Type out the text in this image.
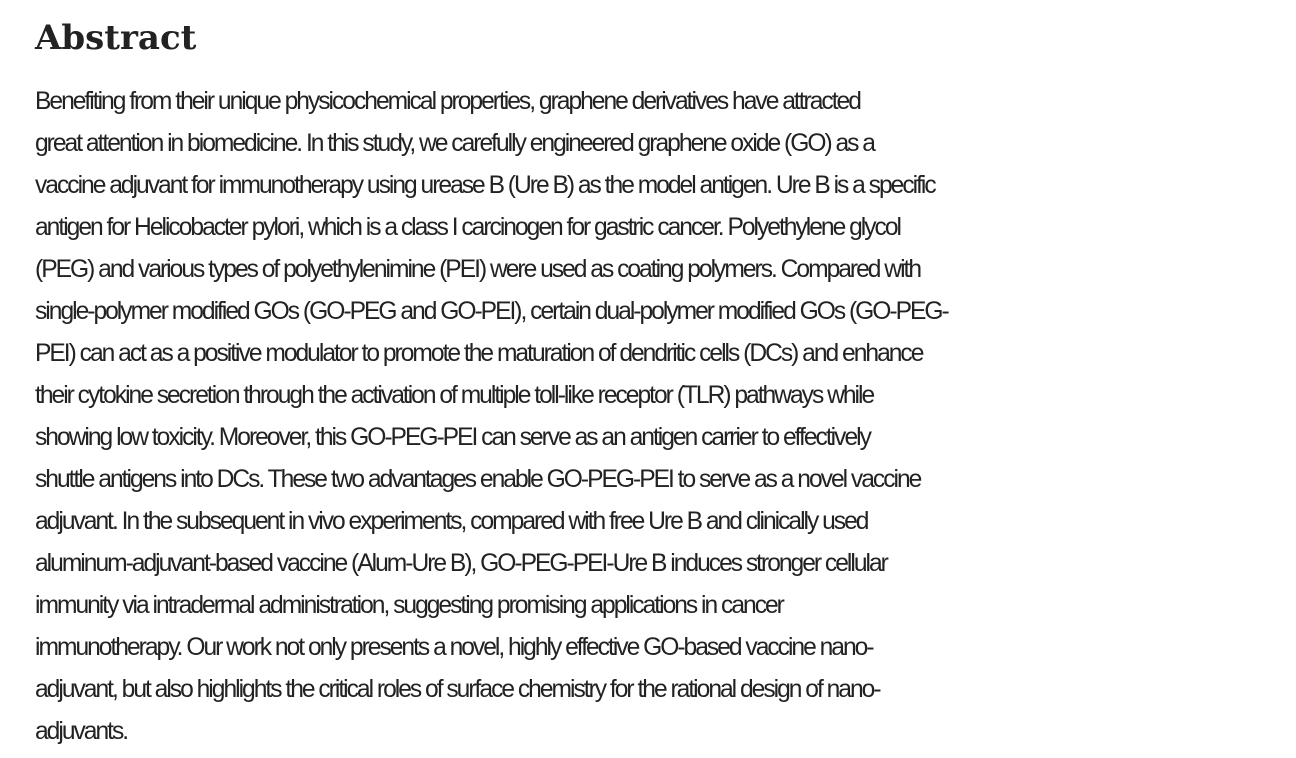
Abstract

Benefiting from their unique physicochemical properties, graphene derivatives have attracted
great attention in biomedicine. In this study, we carefully engineered graphene oxide (GO) as a
vaccine adjuvant for immunotherapy using urease B (Ure B) as the model antigen. Ure B is a specific
antigen for Helicobacter pylori, which is a class I carcinogen for gastric cancer. Polyethylene glycol
(PEG) and various types of polyethylenimine (PEI) were used as coating polymers. Compared with
single-polymer modified GOs (GO-PEG and GO-PEI), certain dual-polymer modified GOs (GO-PEG-
PEI) can act as a positive modulator to promote the maturation of dendritic cells (DCs) and enhance
their cytokine secretion through the activation of multiple toll-like receptor (TLR) pathways while
showing low toxicity. Moreover, this GO-PEG-PEI can serve as an antigen carrier to effectively
shuttle antigens into DCs. These two advantages enable GO-PEG-PEI to serve as a novel vaccine
adjuvant. In the subsequent in vivo experiments, compared with free Ure B and clinically used
aluminum-adjuvant-based vaccine (Alum-Ure B), GO-PEG-PEI-Ure B induces stronger cellular
immunity via intradermal administration, suggesting promising applications in cancer
immunotherapy. Our work not only presents a novel, highly effective GO-based vaccine nano-
adjuvant, but also highlights the critical roles of surface chemistry for the rational design of nano-
adjuvants.
